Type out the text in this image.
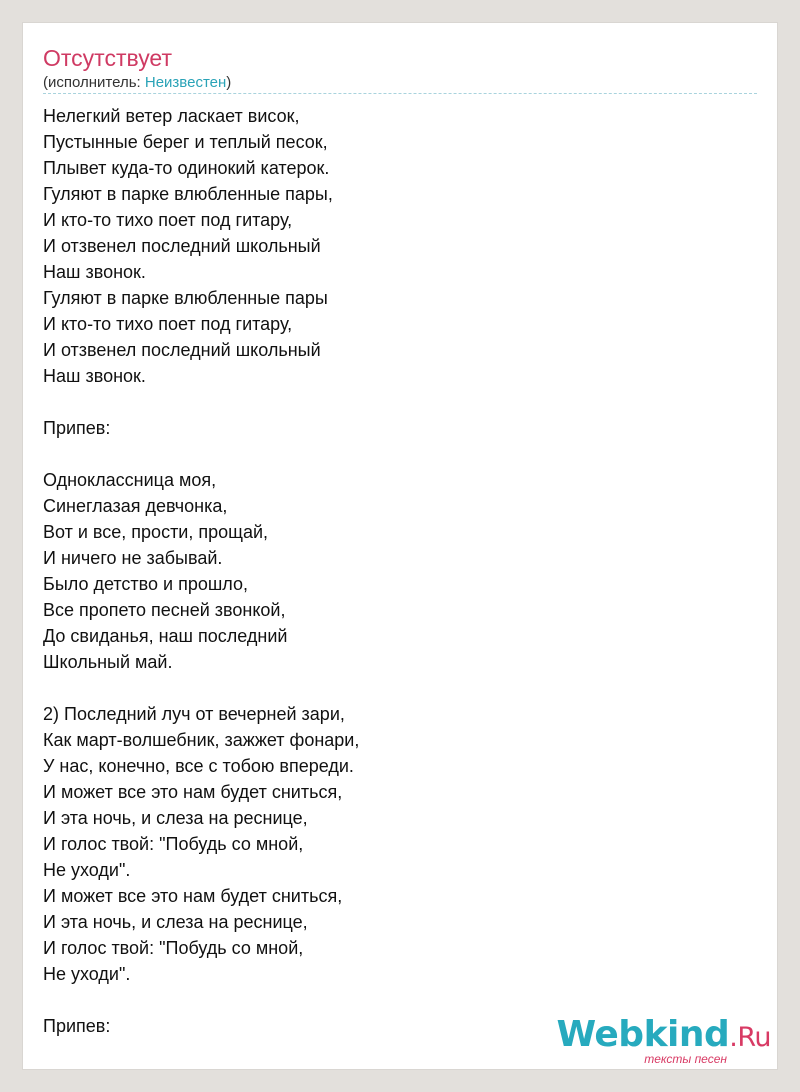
Отсутствует
(исполнитель: Неизвестен)
Нелегкий ветер ласкает висок,
Пустынные берег и теплый песок,
Плывет куда-то одинокий катерок.
Гуляют в парке влюбленные пары,
И кто-то тихо поет под гитару,
И отзвенел последний школьный
Наш звонок.
Гуляют в парке влюбленные пары
И кто-то тихо поет под гитару,
И отзвенел последний школьный
Наш звонок.

Припев:

Одноклассница моя,
Синеглазая девчонка,
Вот и все, прости, прощай,
И ничего не забывай.
Было детство и прошло,
Все пропето песней звонкой,
До свиданья, наш последний
Школьный май.

2) Последний луч от вечерней зари,
Как март-волшебник, зажжет фонари,
У нас, конечно, все с тобою впереди.
И может все это нам будет сниться,
И эта ночь, и слеза на реснице,
И голос твой: "Побудь со мной,
Не уходи".
И может все это нам будет сниться,
И эта ночь, и слеза на реснице,
И голос твой: "Побудь со мной,
Не уходи".

Припев:	Webkind.Ru
тексты песен
